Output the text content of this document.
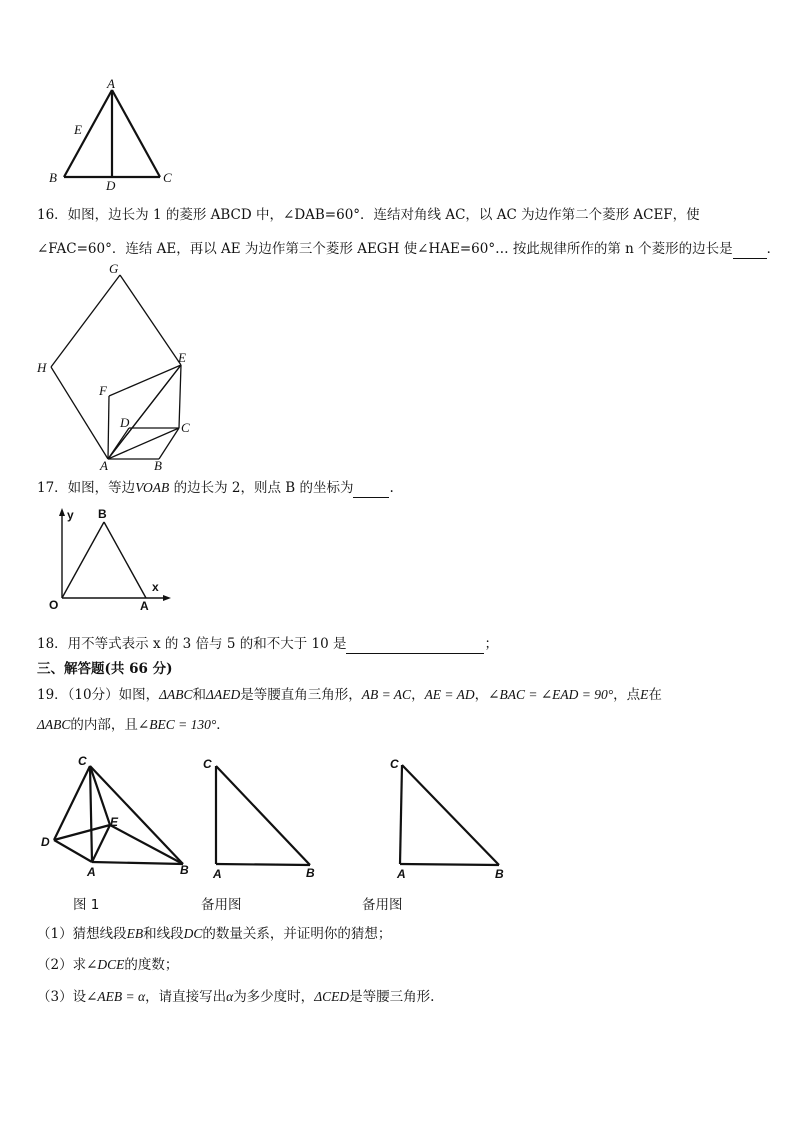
A
E
B
D
C
16．如图，边长为 1 的菱形 ABCD 中，∠DAB=60°．连结对角线 AC，以 AC 为边作第二个菱形 ACEF，使
∠FAC=60°．连结 AE，再以 AE 为边作第三个菱形 AEGH 使∠HAE=60°… 按此规律所作的第 n 个菱形的边长是	．
G
H
E
F
D	C
A	B
17．如图，等边VOAB 的边长为 2，则点 B 的坐标为	.
y B
x
O	A
18．用不等式表示 x 的 3 倍与 5 的和不大于 10 是	；
三、解答题(共 66 分)
19．（10分）如图，ΔABC和ΔAED是等腰直角三角形，AB = AC，AE = AD，∠BAC = ∠EAD = 90°，点E在
ΔABC的内部，且∠BEC = 130°．
C
D
E
A	B
C
A	B
C
A	B
图 1	备用图	备用图
（1）猜想线段EB和线段DC的数量关系，并证明你的猜想；
（2）求∠DCE的度数；
（3）设∠AEB = α，请直接写出α为多少度时，ΔCED是等腰三角形.
